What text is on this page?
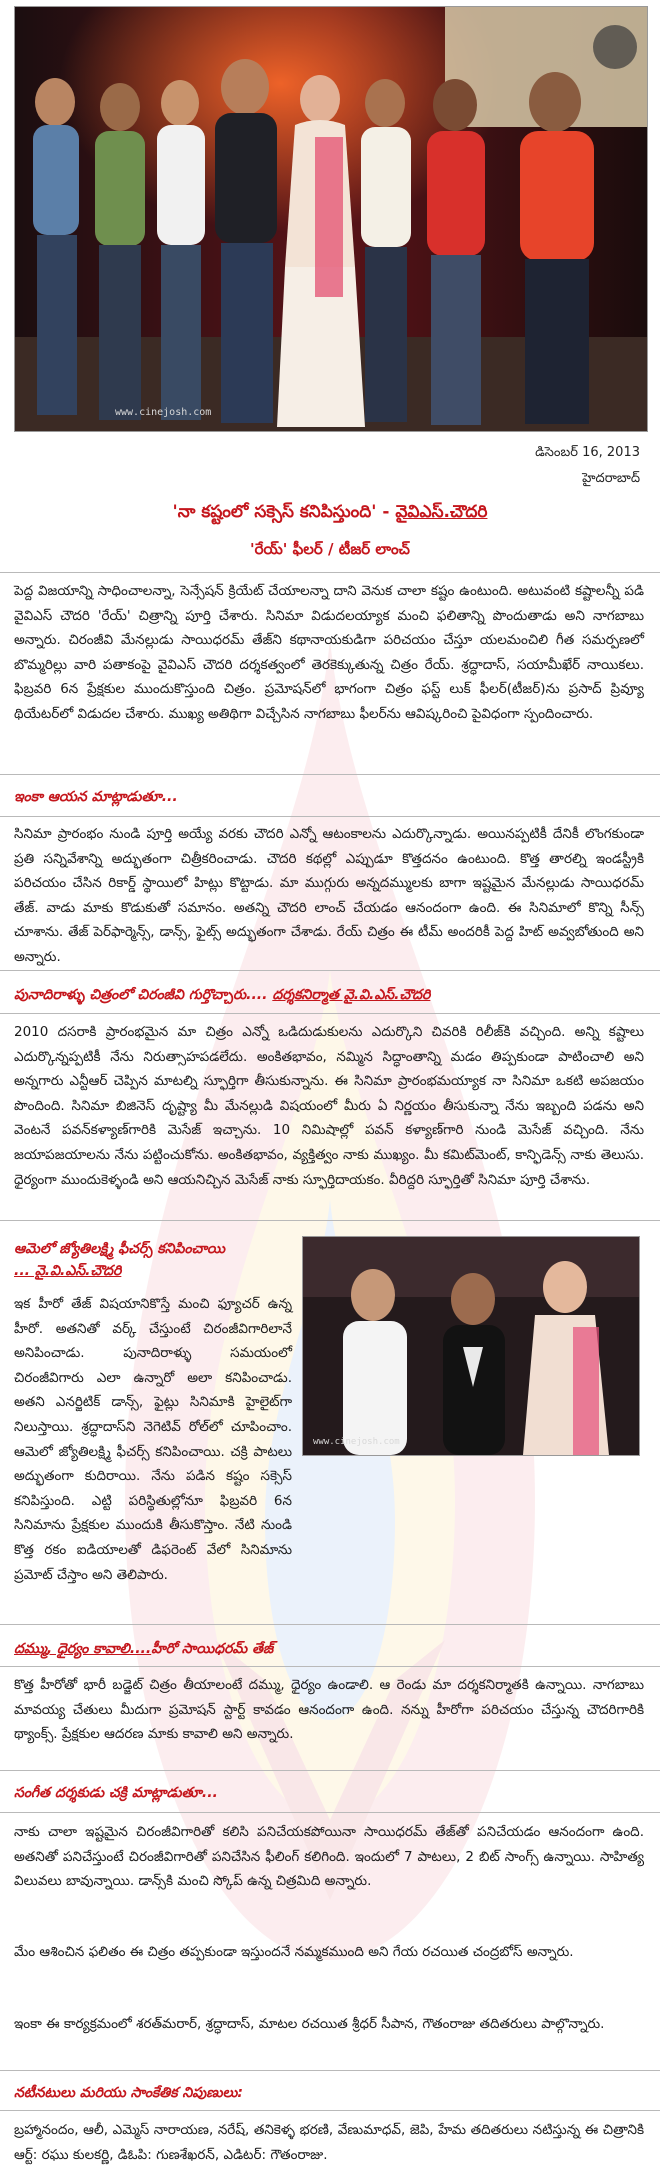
www.cinejosh.com
డిసెంబర్ 16, 2013
హైదరాబాద్
'నా కష్టంలో సక్సెస్ కనిపిస్తుంది' - వైవిఎస్.చౌదరి
'రేయ్' ఫీలర్ / టీజర్ లాంచ్
పెద్ద విజయాన్ని సాధించాలన్నా, సెన్సేషన్ క్రియేట్ చేయాలన్నా దాని వెనుక చాలా కష్టం ఉంటుంది. అటువంటి కష్టాలన్నీ పడి వైవిఎస్ చౌదరి 'రేయ్' చిత్రాన్ని పూర్తి చేశారు. సినిమా విడుదలయ్యాక మంచి ఫలితాన్ని పొందుతాడు అని నాగబాబు అన్నారు. చిరంజీవి మేనల్లుడు సాయిధరమ్ తేజ్‌ని కథానాయకుడిగా పరిచయం చేస్తూ యలమంచిలి గీత సమర్పణలో బొమ్మరిల్లు వారి పతాకంపై వైవిఎస్ చౌదరి దర్శకత్వంలో తెరకెక్కుతున్న చిత్రం రేయ్. శ్రద్ధాదాస్, సయామీఖేర్ నాయికలు. ఫిబ్రవరి 6న ప్రేక్షకుల ముందుకొస్తుంది చిత్రం. ప్రమోషన్‌లో భాగంగా చిత్రం ఫస్ట్ లుక్ ఫీలర్(టీజర్)ను ప్రసాద్ ప్రివ్యూ థియేటర్‌లో విడుదల చేశారు. ముఖ్య అతిథిగా విచ్చేసిన నాగబాబు ఫీలర్‌ను ఆవిష్కరించి పైవిధంగా స్పందించారు.
ఇంకా ఆయన మాట్లాడుతూ...
సినిమా ప్రారంభం నుండి పూర్తి అయ్యే వరకు చౌదరి ఎన్నో ఆటంకాలను ఎదుర్కొన్నాడు. అయినప్పటికీ దేనికీ లొంగకుండా ప్రతి సన్నివేశాన్ని అద్భుతంగా చిత్రీకరించాడు. చౌదరి కథల్లో ఎప్పుడూ కొత్తదనం ఉంటుంది. కొత్త తారల్ని ఇండస్ట్రీకి పరిచయం చేసిన రికార్డ్ స్థాయిలో హిట్లు కొట్టాడు. మా ముగ్గురు అన్నదమ్ములకు బాగా ఇష్టమైన మేనల్లుడు సాయిధరమ్ తేజ్. వాడు మాకు కొడుకుతో సమానం. అతన్ని చౌదరి లాంచ్ చేయడం ఆనందంగా ఉంది. ఈ సినిమాలో కొన్ని సీన్స్ చూశాను. తేజ్ పెర్‌ఫార్మెన్స్, డాన్స్, ఫైట్స్ అద్భుతంగా చేశాడు. రేయ్ చిత్రం ఈ టీమ్ అందరికీ పెద్ద హిట్ అవ్వబోతుంది అని అన్నారు.
పునాదిరాళ్ళు చిత్రంలో చిరంజీవి గుర్తొచ్చారు.... దర్శకనిర్మాత వై.వి.ఎస్.చౌదరి
2010 దసరాకి ప్రారంభమైన మా చిత్రం ఎన్నో ఒడిదుడుకులను ఎదుర్కొని చివరికి రిలీజ్‌కి వచ్చింది. అన్ని కష్టాలు ఎదుర్కొన్నప్పటికీ నేను నిరుత్సాహపడలేదు. అంకితభావం, నమ్మిన సిద్ధాంతాన్ని మడం తిప్పకుండా పాటించాలి అని అన్నగారు ఎన్టీఆర్ చెప్పిన మాటల్ని స్ఫూర్తిగా తీసుకున్నాను. ఈ సినిమా ప్రారంభమయ్యాక నా సినిమా ఒకటి అపజయం పొందింది. సినిమా బిజినెస్ దృష్ట్యా మీ మేనల్లుడి విషయంలో మీరు ఏ నిర్ణయం తీసుకున్నా నేను ఇబ్బంది పడను అని వెంటనే పవన్‌కళ్యాణ్‌గారికి మెసేజ్ ఇచ్చాను. 10 నిమిషాల్లో పవన్ కళ్యాణ్‌గారి నుండి మెసేజ్ వచ్చింది. నేను జయాపజయాలను నేను పట్టించుకోను. అంకితభావం, వ్యక్తిత్వం నాకు ముఖ్యం. మీ కమిట్‌మెంట్, కాన్ఫిడెన్స్ నాకు తెలుసు. ధైర్యంగా ముందుకెళ్ళండి అని ఆయనిచ్చిన మెసేజ్ నాకు స్ఫూర్తిదాయకం. వీరిద్దరి స్ఫూర్తితో సినిమా పూర్తి చేశాను.
ఆమెలో జ్యోతిలక్ష్మి ఫీచర్స్ కనిపించాయి
... వై.వి.ఎస్.చౌదరి
www.cinejosh.com
ఇక హీరో తేజ్ విషయానికొస్తే మంచి ఫ్యూచర్ ఉన్న హీరో. అతనితో వర్క్ చేస్తుంటే చిరంజీవిగారిలానే అనిపించాడు. పునాదిరాళ్ళు సమయంలో చిరంజీవిగారు ఎలా ఉన్నారో అలా కనిపించాడు. అతని ఎనర్జిటిక్ డాన్స్, ఫైట్లు సినిమాకి హైలైట్‌గా నిలుస్తాయి. శ్రద్ధాదాస్‌ని నెగెటివ్ రోల్‌లో చూపించాం. ఆమెలో జ్యోతిలక్ష్మి ఫీచర్స్ కనిపించాయి. చక్రి పాటలు అద్భుతంగా కుదిరాయి. నేను పడిన కష్టం సక్సెస్ కనిపిస్తుంది. ఎట్టి పరిస్థితుల్లోనూ ఫిబ్రవరి 6న సినిమాను ప్రేక్షకుల ముందుకి తీసుకొస్తాం. నేటి నుండి కొత్త రకం ఐడియాలతో డిఫరెంట్ వేలో సినిమాను ప్రమోట్ చేస్తాం అని తెలిపారు.
దమ్ము, ధైర్యం కావాలి....హీరో సాయిధరమ్ తేజ్
కొత్త హీరోతో భారీ బడ్జెట్ చిత్రం తీయాలంటే దమ్ము, ధైర్యం ఉండాలి. ఆ రెండు మా దర్శకనిర్మాతకి ఉన్నాయి. నాగబాబు మావయ్య చేతులు మీదుగా ప్రమోషన్ స్టార్ట్ కావడం ఆనందంగా ఉంది. నన్ను హీరోగా పరిచయం చేస్తున్న చౌదరిగారికి థ్యాంక్స్. ప్రేక్షకుల ఆదరణ మాకు కావాలి అని అన్నారు.
సంగీత దర్శకుడు చక్రి మాట్లాడుతూ...
నాకు చాలా ఇష్టమైన చిరంజీవిగారితో కలిసి పనిచేయకపోయినా సాయిధరమ్ తేజ్‌తో పనిచేయడం ఆనందంగా ఉంది. అతనితో పనిచేస్తుంటే చిరంజీవిగారితో పనిచేసిన ఫీలింగ్ కలిగింది. ఇందులో 7 పాటలు, 2 బిట్ సాంగ్స్ ఉన్నాయి. సాహిత్య విలువలు బావున్నాయి. డాన్స్‌కి మంచి స్కోప్ ఉన్న చిత్రమిది అన్నారు.
మేం ఆశించిన ఫలితం ఈ చిత్రం తప్పకుండా ఇస్తుందనే నమ్మకముంది అని గేయ రచయిత చంద్రబోస్ అన్నారు.
ఇంకా ఈ కార్యక్రమంలో శరత్‌మరార్, శ్రద్ధాదాస్, మాటల రచయిత శ్రీధర్ సీపాన, గౌతంరాజు తదితరులు పాల్గొన్నారు.
నటీనటులు మరియు సాంకేతిక నిపుణులు:
బ్రహ్మానందం, ఆలీ, ఎమ్మెస్ నారాయణ, నరేష్, తనికెళ్ళ భరణి, వేణుమాధవ్, జెపి, హేమ తదితరులు నటిస్తున్న ఈ చిత్రానికి ఆర్ట్: రఘు కులకర్ణి, డిఓపి: గుణశేఖరన్, ఎడిటర్: గౌతంరాజు.
